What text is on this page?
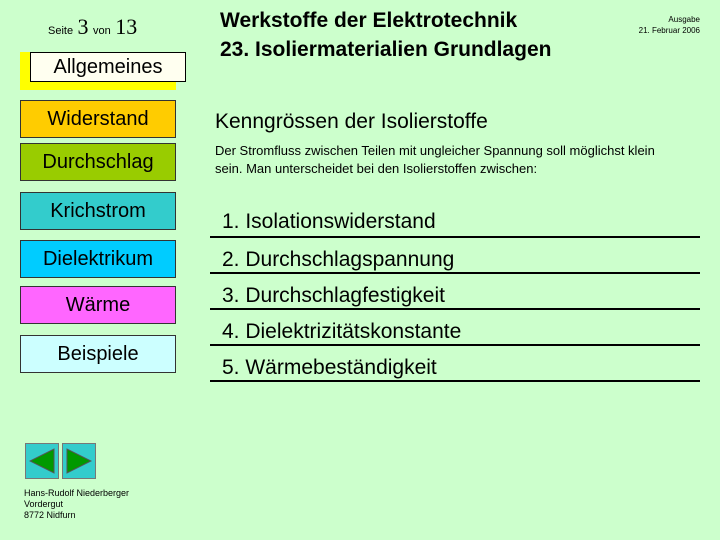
Seite 3 von 13
Allgemeines
Widerstand
Durchschlag
Krichstrom
Dielektrikum
Wärme
Beispiele
Hans-Rudolf Niederberger
Vordergut
8772 Nidfurn
Werkstoffe der Elektrotechnik
23. Isoliermaterialien Grundlagen
Ausgabe
21. Februar 2006
Kenngrössen der Isolierstoffe
Der Stromfluss zwischen Teilen mit ungleicher Spannung soll möglichst klein sein. Man unterscheidet bei den Isolierstoffen zwischen:
1. Isolationswiderstand
2. Durchschlagspannung
3. Durchschlagfestigkeit
4. Dielektrizitätskonstante
5. Wärmebeständigkeit
